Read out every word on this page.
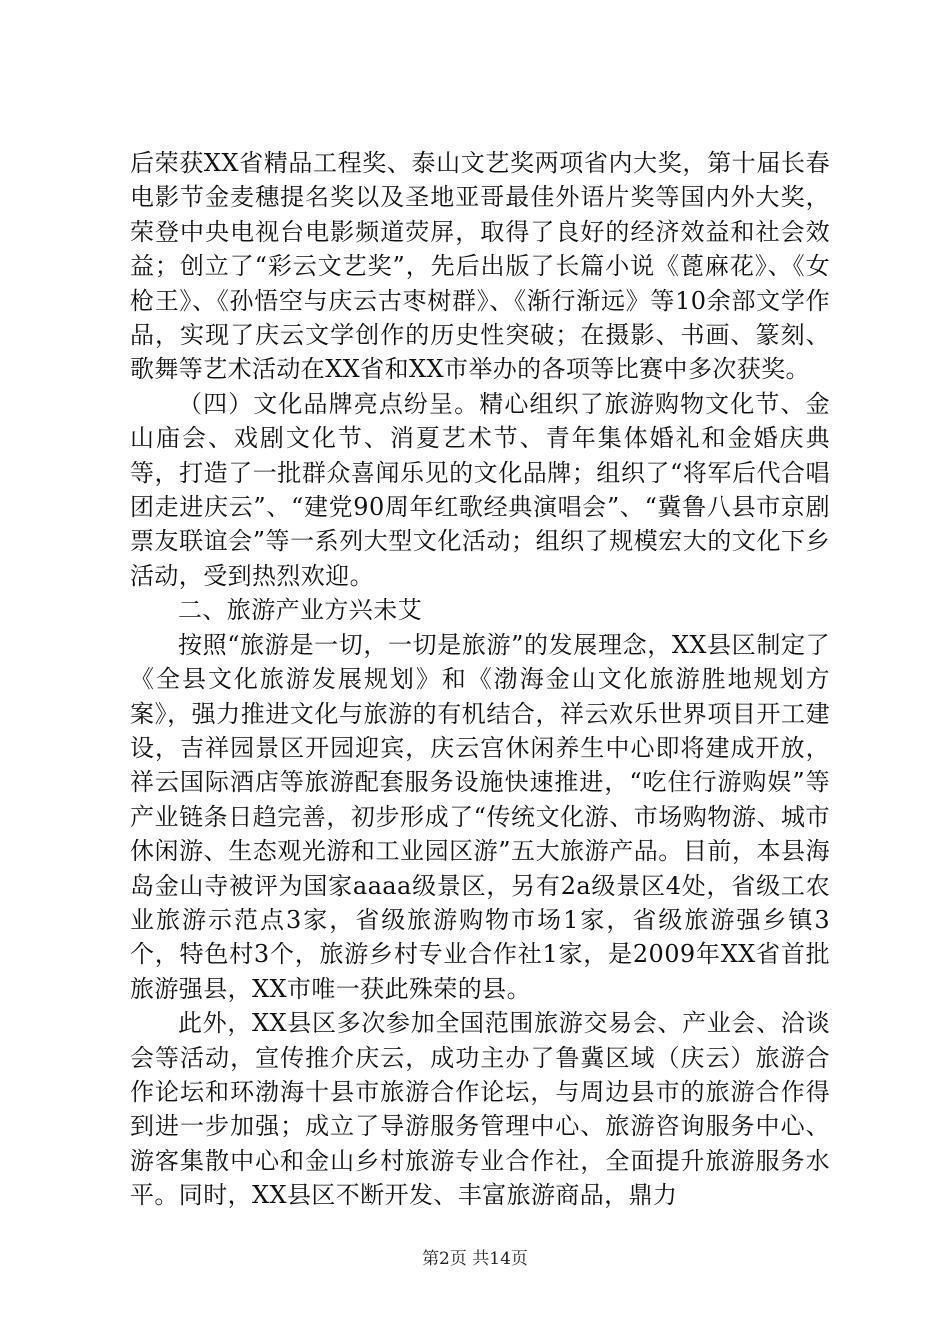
后荣获XX省精品工程奖、泰山文艺奖两项省内大奖，第十届长春电影节金麦穗提名奖以及圣地亚哥最佳外语片奖等国内外大奖，荣登中央电视台电影频道荧屏，取得了良好的经济效益和社会效益；创立了“彩云文艺奖”，先后出版了长篇小说《蓖麻花》、《女枪王》、《孙悟空与庆云古枣树群》、《渐行渐远》等10余部文学作品，实现了庆云文学创作的历史性突破；在摄影、书画、篆刻、歌舞等艺术活动在XX省和XX市举办的各项等比赛中多次获奖。

（四）文化品牌亮点纷呈。精心组织了旅游购物文化节、金山庙会、戏剧文化节、消夏艺术节、青年集体婚礼和金婚庆典等，打造了一批群众喜闻乐见的文化品牌；组织了“将军后代合唱团走进庆云”、“建党90周年红歌经典演唱会”、“冀鲁八县市京剧票友联谊会”等一系列大型文化活动；组织了规模宏大的文化下乡活动，受到热烈欢迎。

二、旅游产业方兴未艾

按照“旅游是一切，一切是旅游”的发展理念，XX县区制定了《全县文化旅游发展规划》和《渤海金山文化旅游胜地规划方案》，强力推进文化与旅游的有机结合，祥云欢乐世界项目开工建设，吉祥园景区开园迎宾，庆云宫休闲养生中心即将建成开放，祥云国际酒店等旅游配套服务设施快速推进，“吃住行游购娱”等产业链条日趋完善，初步形成了“传统文化游、市场购物游、城市休闲游、生态观光游和工业园区游”五大旅游产品。目前，本县海岛金山寺被评为国家aaaa级景区，另有2a级景区4处，省级工农业旅游示范点3家，省级旅游购物市场1家，省级旅游强乡镇3个，特色村3个，旅游乡村专业合作社1家，是2009年XX省首批旅游强县，XX市唯一获此殊荣的县。

此外，XX县区多次参加全国范围旅游交易会、产业会、洽谈会等活动，宣传推介庆云，成功主办了鲁冀区域（庆云）旅游合作论坛和环渤海十县市旅游合作论坛，与周边县市的旅游合作得到进一步加强；成立了导游服务管理中心、旅游咨询服务中心、游客集散中心和金山乡村旅游专业合作社，全面提升旅游服务水平。同时，XX县区不断开发、丰富旅游商品，鼎力

第2页 共14页
